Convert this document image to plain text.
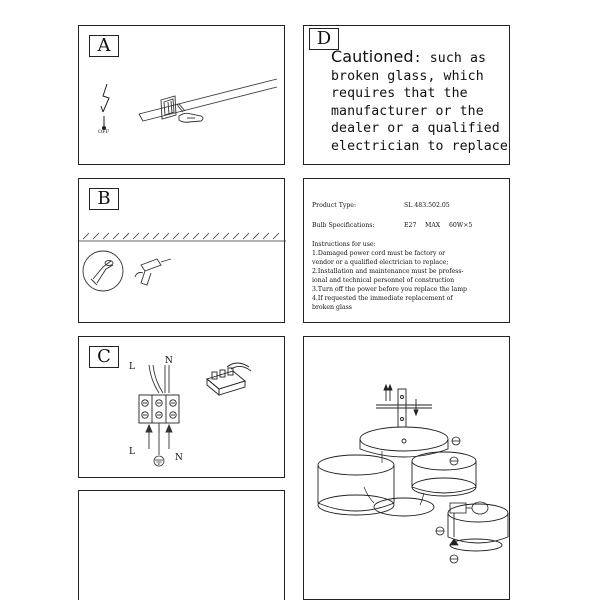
A
OFF
D
Cautioned: such as
broken glass, which
requires that the
manufacturer or the
dealer or a qualified
electrician to replace
B	Product Type:	SL 483.502.05
Bulb Specifications:	E27 MAX 60W×5
Instructions for use:
1.Damaged power cord must be factory or
vendor or a qualified electrician to replace;
2.Installation and maintenance must be profess-
ional and technical personnel of construction
3.Turn off the power before you replace the lamp
4.If requested the immediate replacement of
broken glass
C	L
N
L
N
